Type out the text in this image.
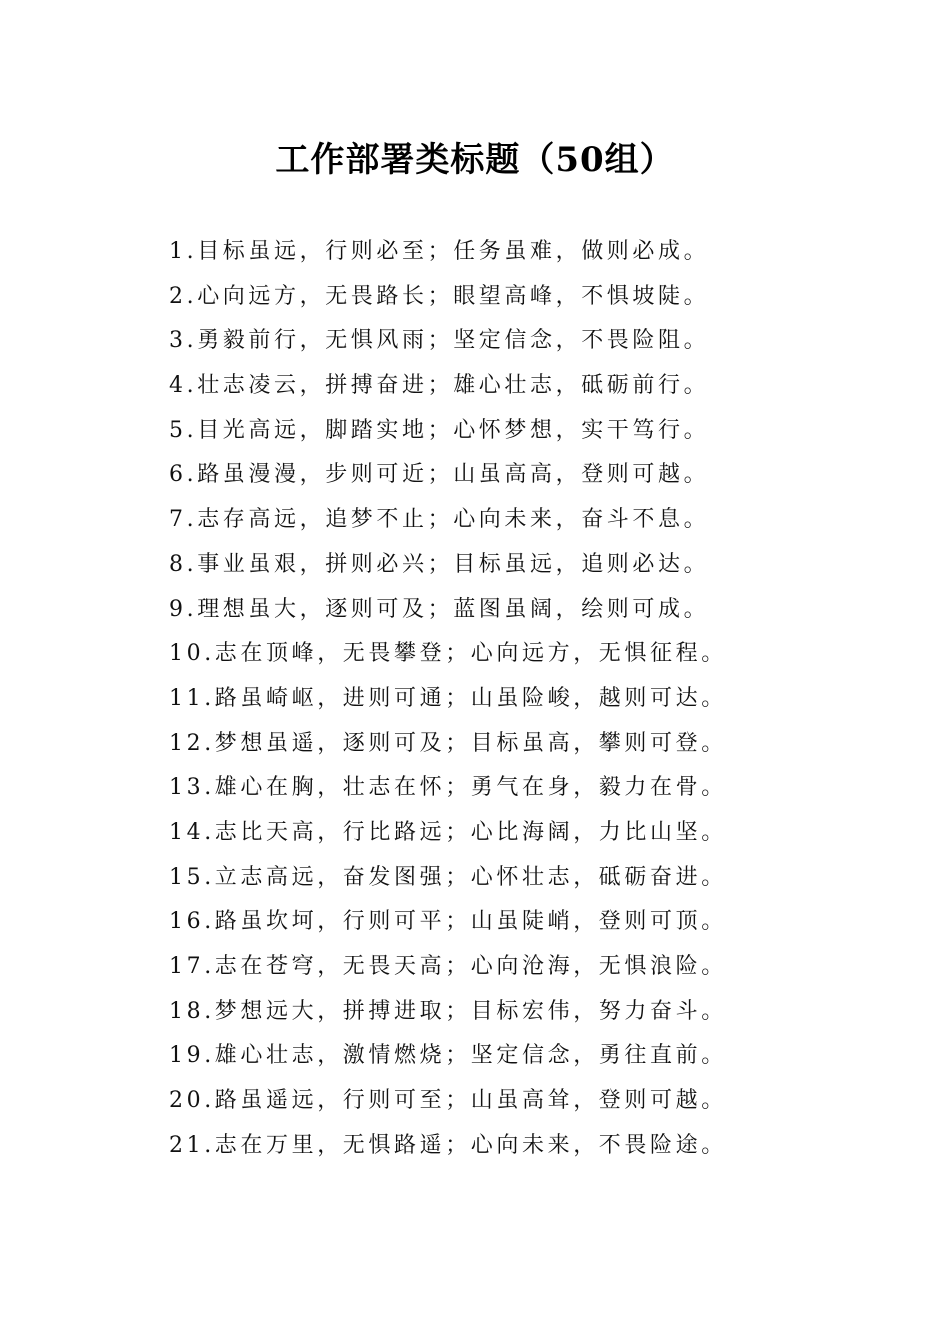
工作部署类标题（50组）
1.目标虽远，行则必至；任务虽难，做则必成。
2.心向远方，无畏路长；眼望高峰，不惧坡陡。
3.勇毅前行，无惧风雨；坚定信念，不畏险阻。
4.壮志凌云，拼搏奋进；雄心壮志，砥砺前行。
5.目光高远，脚踏实地；心怀梦想，实干笃行。
6.路虽漫漫，步则可近；山虽高高，登则可越。
7.志存高远，追梦不止；心向未来，奋斗不息。
8.事业虽艰，拼则必兴；目标虽远，追则必达。
9.理想虽大，逐则可及；蓝图虽阔，绘则可成。
10.志在顶峰，无畏攀登；心向远方，无惧征程。
11.路虽崎岖，进则可通；山虽险峻，越则可达。
12.梦想虽遥，逐则可及；目标虽高，攀则可登。
13.雄心在胸，壮志在怀；勇气在身，毅力在骨。
14.志比天高，行比路远；心比海阔，力比山坚。
15.立志高远，奋发图强；心怀壮志，砥砺奋进。
16.路虽坎坷，行则可平；山虽陡峭，登则可顶。
17.志在苍穹，无畏天高；心向沧海，无惧浪险。
18.梦想远大，拼搏进取；目标宏伟，努力奋斗。
19.雄心壮志，激情燃烧；坚定信念，勇往直前。
20.路虽遥远，行则可至；山虽高耸，登则可越。
21.志在万里，无惧路遥；心向未来，不畏险途。
